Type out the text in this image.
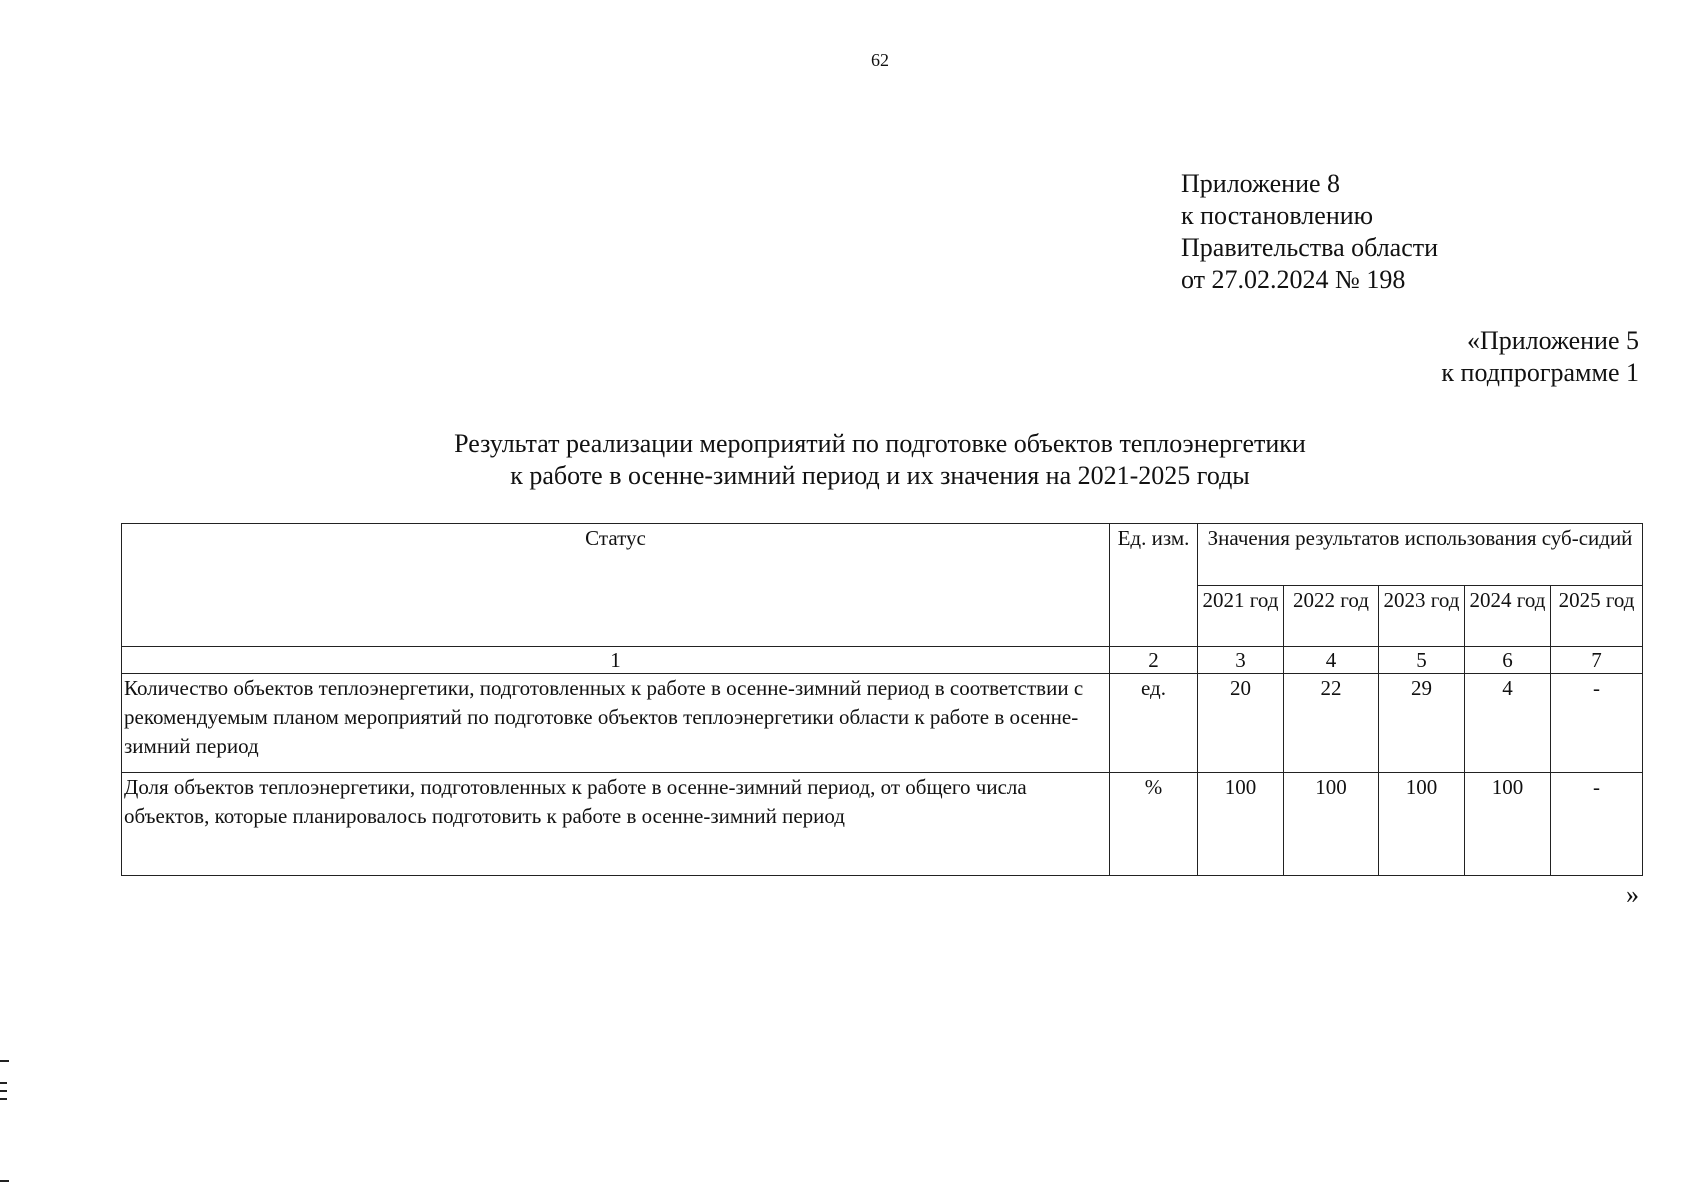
62
Приложение 8
к постановлению
Правительства области
от 27.02.2024 № 198
«Приложение 5
к подпрограмме 1
Результат реализации мероприятий по подготовке объектов теплоэнергетики
к работе в осенне-зимний период и их значения на 2021-2025 годы
Статус	Ед. изм.	Значения результатов использования суб-сидий				
		2021 год	2022 год	2023 год	2024 год	2025 год
1	2	3	4	5	6	7
Количество объектов теплоэнергетики, подготовленных к работе в осенне-зимний период в соответствии с рекомендуемым планом мероприятий по подготовке объектов теплоэнергетики области к работе в осенне-зимний период	ед.	20	22	29	4	-
Доля объектов теплоэнергетики, подготовленных к работе в осенне-зимний период, от общего числа объектов, которые планировалось подготовить к работе в осенне-зимний период	%	100	100	100	100	-
»
